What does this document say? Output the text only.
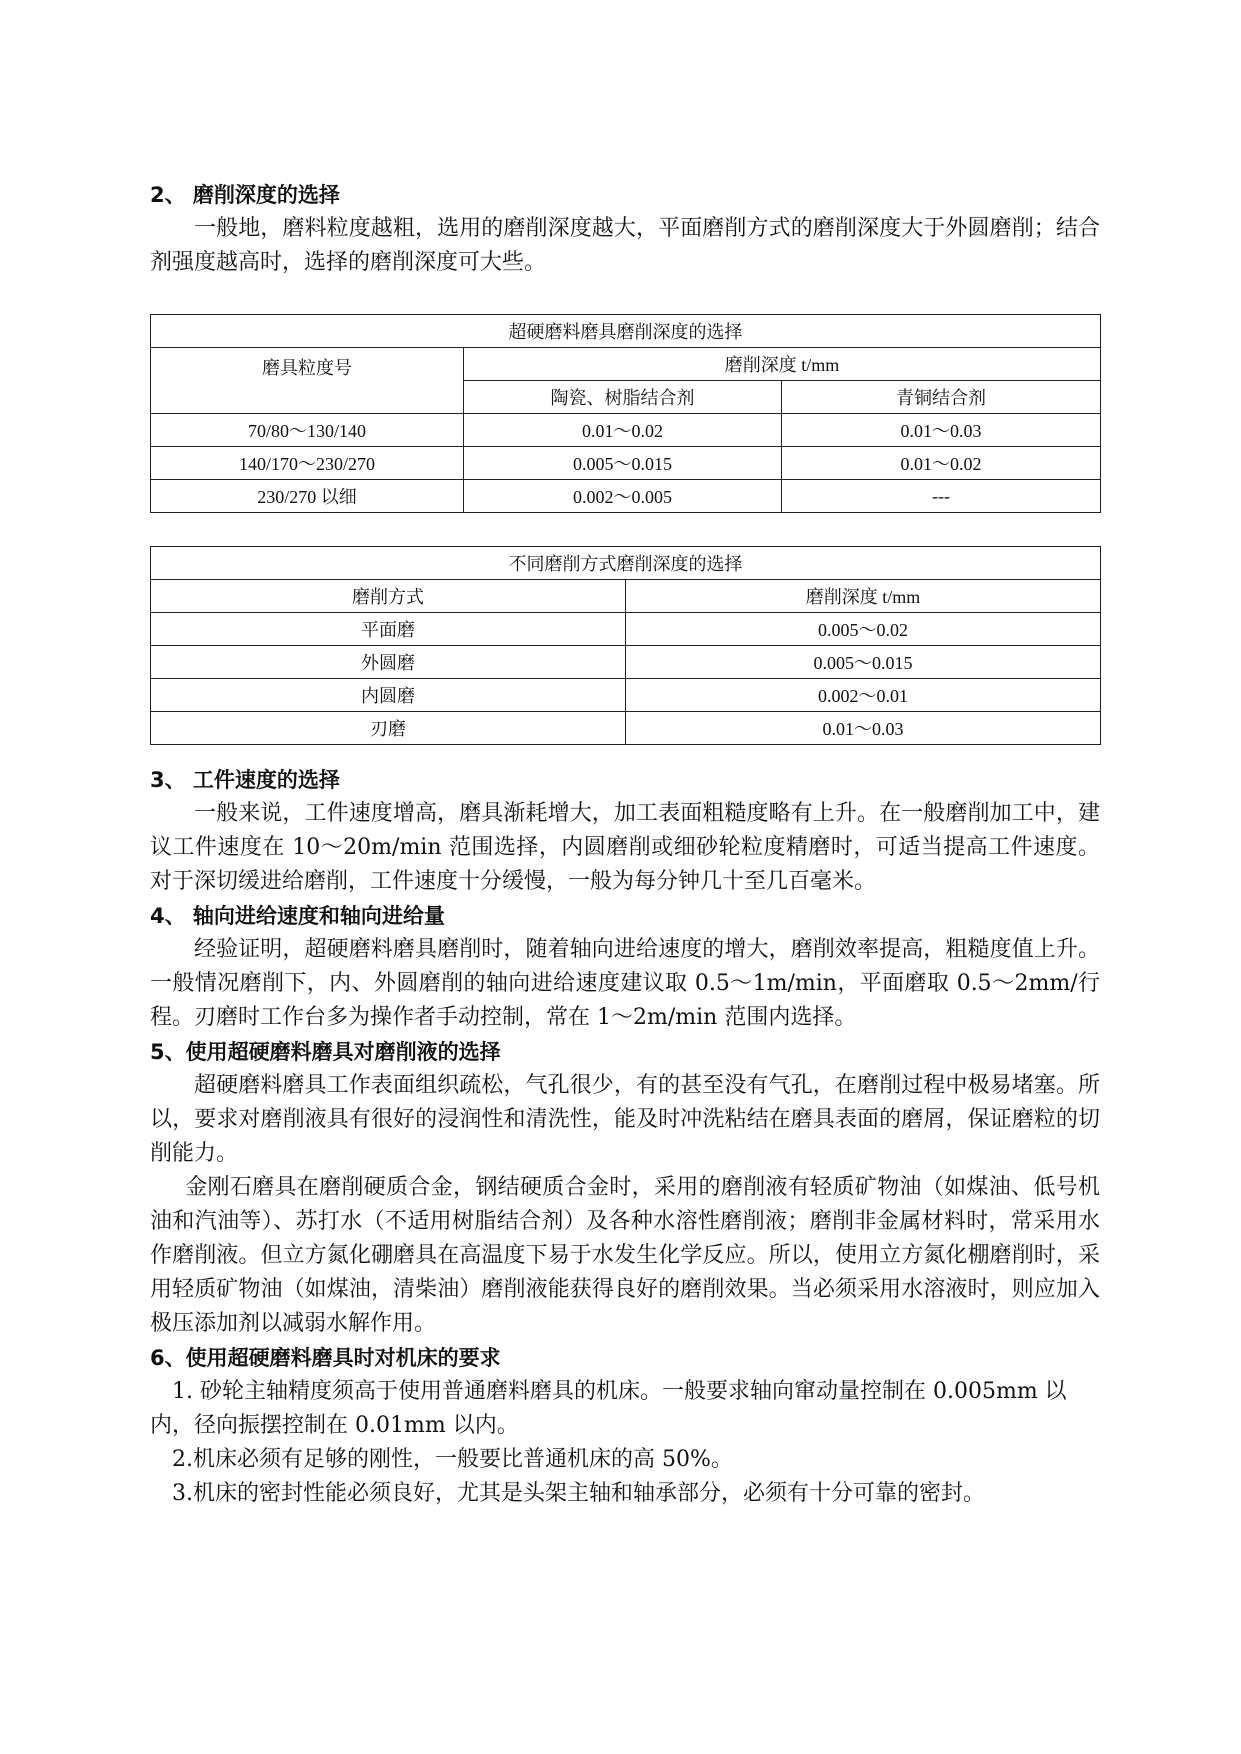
2、 磨削深度的选择

一般地，磨料粒度越粗，选用的磨削深度越大，平面磨削方式的磨削深度大于外圆磨削；结合剂强度越高时，选择的磨削深度可大些。

超硬磨料磨具磨削深度的选择		
磨具粒度号	磨削深度 t/mm	
	陶瓷、树脂结合剂	青铜结合剂
70/80～130/140	0.01～0.02	0.01～0.03
140/170～230/270	0.005～0.015	0.01～0.02
230/270 以细	0.002～0.005	---
不同磨削方式磨削深度的选择	
磨削方式	磨削深度 t/mm
平面磨	0.005～0.02
外圆磨	0.005～0.015
内圆磨	0.002～0.01
刃磨	0.01～0.03

3、 工件速度的选择

一般来说，工件速度增高，磨具渐耗增大，加工表面粗糙度略有上升。在一般磨削加工中，建议工件速度在 10～20m/min 范围选择，内圆磨削或细砂轮粒度精磨时，可适当提高工件速度。对于深切缓进给磨削，工件速度十分缓慢，一般为每分钟几十至几百毫米。

4、 轴向进给速度和轴向进给量

经验证明，超硬磨料磨具磨削时，随着轴向进给速度的增大，磨削效率提高，粗糙度值上升。一般情况磨削下，内、外圆磨削的轴向进给速度建议取 0.5～1m/min，平面磨取 0.5～2mm/行程。刃磨时工作台多为操作者手动控制，常在 1～2m/min 范围内选择。

5、使用超硬磨料磨具对磨削液的选择

超硬磨料磨具工作表面组织疏松，气孔很少，有的甚至没有气孔，在磨削过程中极易堵塞。所以，要求对磨削液具有很好的浸润性和清洗性，能及时冲洗粘结在磨具表面的磨屑，保证磨粒的切削能力。

金刚石磨具在磨削硬质合金，钢结硬质合金时，采用的磨削液有轻质矿物油（如煤油、低号机油和汽油等）、苏打水（不适用树脂结合剂）及各种水溶性磨削液；磨削非金属材料时，常采用水作磨削液。但立方氮化硼磨具在高温度下易于水发生化学反应。所以，使用立方氮化棚磨削时，采用轻质矿物油（如煤油，清柴油）磨削液能获得良好的磨削效果。当必须采用水溶液时，则应加入极压添加剂以减弱水解作用。

6、使用超硬磨料磨具时对机床的要求

1. 砂轮主轴精度须高于使用普通磨料磨具的机床。一般要求轴向窜动量控制在 0.005mm 以内，径向振摆控制在 0.01mm 以内。

2.机床必须有足够的刚性，一般要比普通机床的高 50%。

3.机床的密封性能必须良好，尤其是头架主轴和轴承部分，必须有十分可靠的密封。
